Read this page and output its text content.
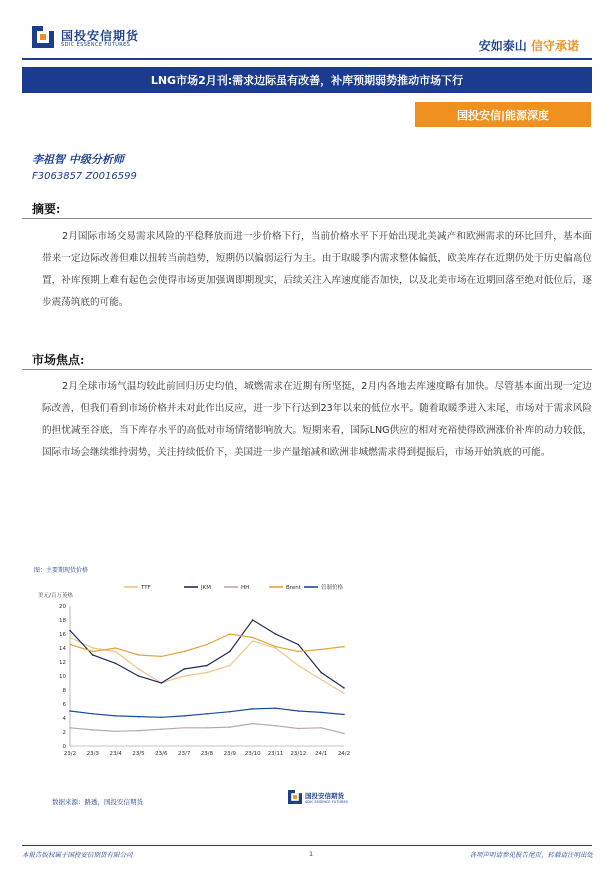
国投安信期货
SDIC ESSENCE FUTURES	安如泰山 信守承诺
LNG市场2月刊:需求边际虽有改善，补库预期弱势推动市场下行
国投安信|能源深度
李祖智 中级分析师
F3063857 Z0016599
摘要:

2月国际市场交易需求风险的平稳释放而进一步价格下行，当前价格水平下开始出现北美减产和欧洲需求的环比回升，基本面带来一定边际改善但难以扭转当前趋势，短期仍以偏弱运行为主。由于取暖季内需求整体偏低，欧美库存在近期仍处于历史偏高位置，补库预期上难有起色会使得市场更加强调即期现实，后续关注入库速度能否加快，以及北美市场在近期回落至绝对低位后，逐步震荡筑底的可能。

市场焦点:

2月全球市场气温均较此前回归历史均值，城燃需求在近期有所坚挺，2月内各地去库速度略有加快。尽管基本面出现一定边际改善，但我们看到市场价格并未对此作出反应，进一步下行达到23年以来的低位水平。随着取暖季进入末尾，市场对于需求风险的担忧减至谷底，当下库存水平的高低对市场情绪影响放大。短期来看，国际LNG供应的相对充裕使得欧洲涨价补库的动力较低，国际市场会继续维持弱势，关注持续低价下，美国进一步产量缩减和欧洲非城燃需求得到提振后，市场开始筑底的可能。

图：主要期现货价格
美元/百万英热
0
2
4
6
8
10
12
14
16
18
20
23/2 23/3 23/4 23/5 23/6 23/7 23/8 23/9 23/10 23/11 23/12 24/1 24/2
TTF	JKM	HH	Brent	管制价格
数据来源：路透，国投安信期货
国投安信期货
SDIC ESSENCE FUTURES
本报告版权属于国投安信期货有限公司	1	各项声明请参见报告尾页，转载请注明出处
